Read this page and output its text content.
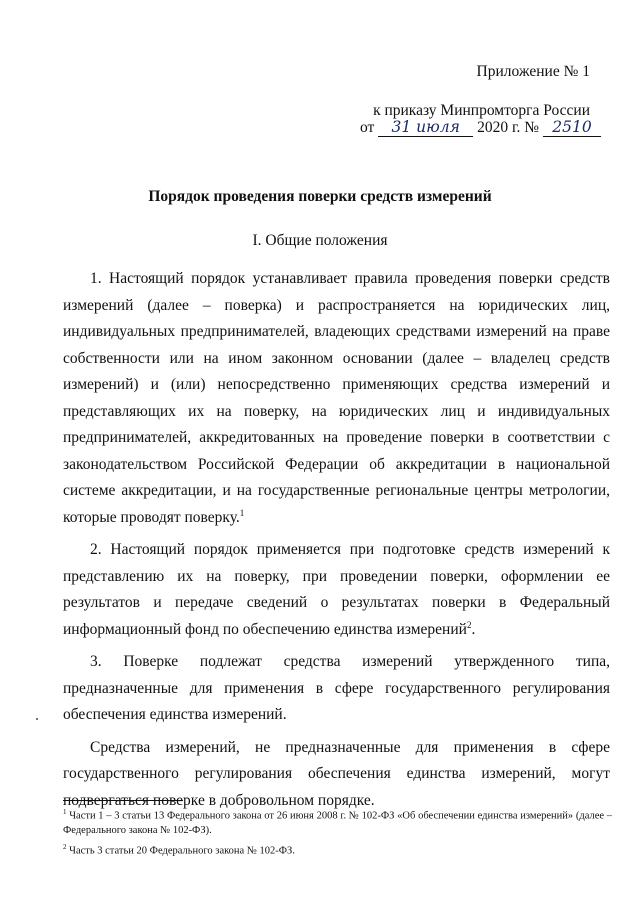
Приложение № 1
к приказу Минпромторга России
от 31 июля 2020 г. № 2510
Порядок проведения поверки средств измерений
I. Общие положения

1. Настоящий порядок устанавливает правила проведения поверки средств измерений (далее – поверка) и распространяется на юридических лиц, индивидуальных предпринимателей, владеющих средствами измерений на праве собственности или на ином законном основании (далее – владелец средств измерений) и (или) непосредственно применяющих средства измерений и представляющих их на поверку, на юридических лиц и индивидуальных предпринимателей, аккредитованных на проведение поверки в соответствии с законодательством Российской Федерации об аккредитации в национальной системе аккредитации, и на государственные региональные центры метрологии, которые проводят поверку.$^1$

2. Настоящий порядок применяется при подготовке средств измерений к представлению их на поверку, при проведении поверки, оформлении ее результатов и передаче сведений о результатах поверки в Федеральный информационный фонд по обеспечению единства измерений$^2$.

3. Поверке подлежат средства измерений утвержденного типа, предназначенные для применения в сфере государственного регулирования обеспечения единства измерений.

Средства измерений, не предназначенные для применения в сфере государственного регулирования обеспечения единства измерений, могут подвергаться поверке в добровольном порядке.

$^1$ Части 1 – 3 статьи 13 Федерального закона от 26 июня 2008 г. № 102-ФЗ «Об обеспечении единства измерений» (далее – Федерального закона № 102-ФЗ).

$^2$ Часть 3 статьи 20 Федерального закона № 102-ФЗ.
